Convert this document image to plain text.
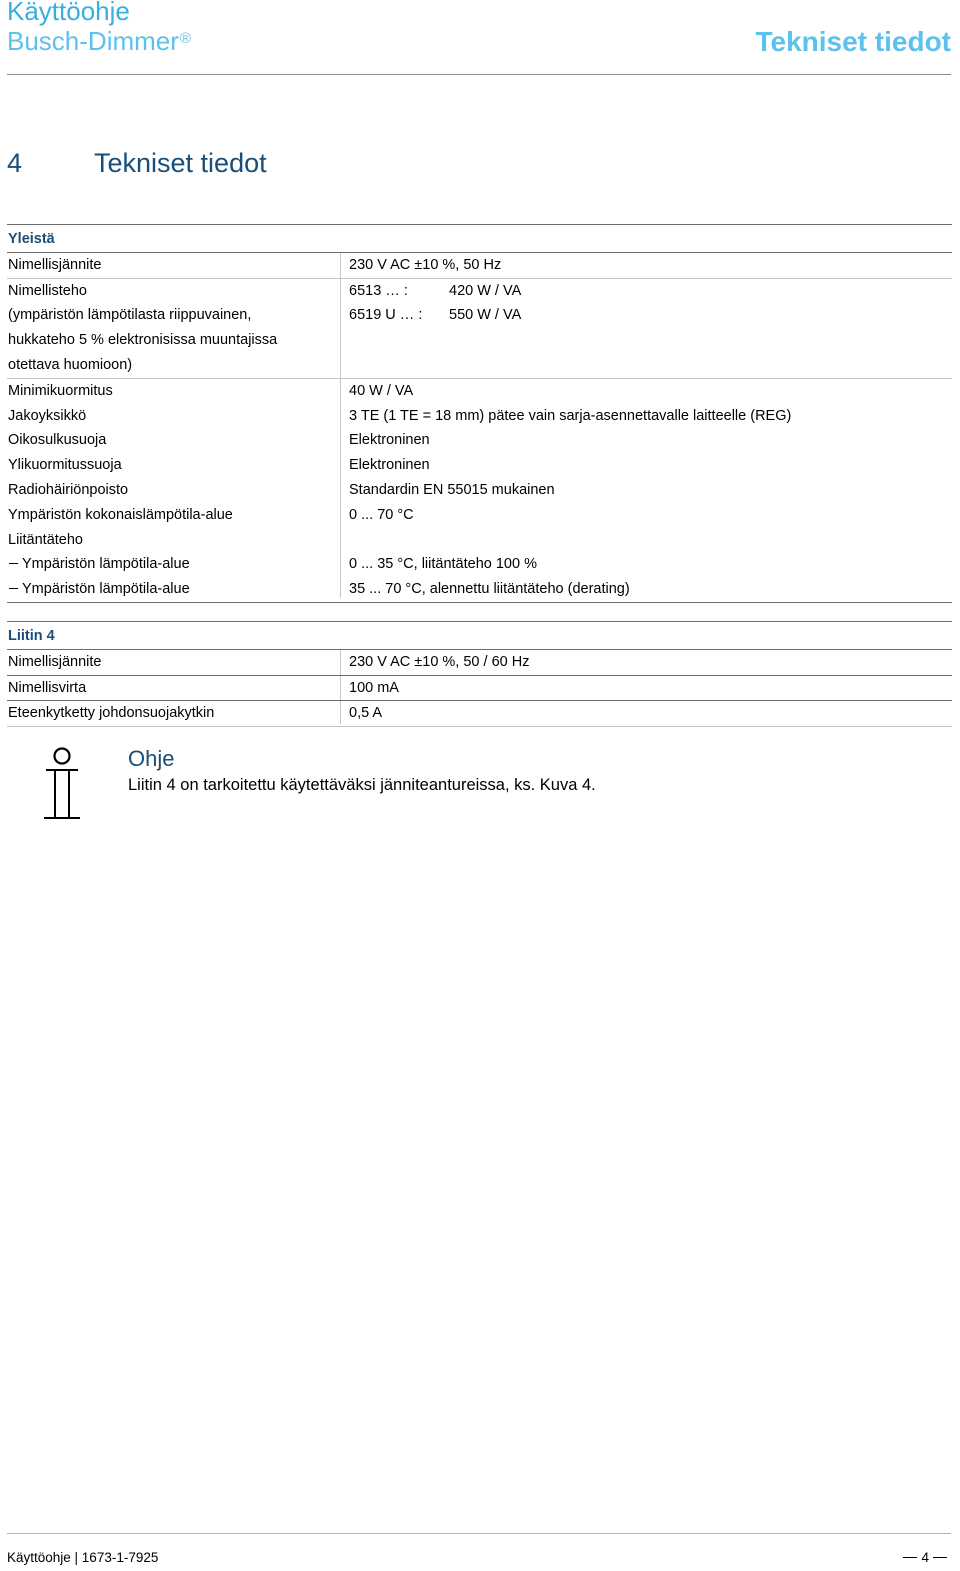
Käyttöohje
Busch-Dimmer®	Tekniset tiedot
4	Tekniset tiedot
Yleistä
Nimellisjännite	230 V AC ±10 %, 50 Hz
Nimellisteho	6513 … :	420 W / VA
(ympäristön lämpötilasta riippuvainen,	6519 U … : 550 W / VA
hukkateho 5 % elektronisissa muuntajissa
otettava huomioon)
Minimikuormitus	40 W / VA
Jakoyksikkö	3 TE (1 TE = 18 mm) pätee vain sarja-asennettavalle laitteelle (REG)
Oikosulkusuoja	Elektroninen
Ylikuormitussuoja	Elektroninen
Radiohäiriönpoisto	Standardin EN 55015 mukainen
Ympäristön kokonaislämpötila-alue	0 ... 70 °C
Liitäntäteho
Ympäristön lämpötila-alue	0 ... 35 °C, liitäntäteho 100 %
Ympäristön lämpötila-alue	35 ... 70 °C, alennettu liitäntäteho (derating)
Liitin 4
Nimellisjännite	230 V AC ±10 %, 50 / 60 Hz
Nimellisvirta	100 mA
Eteenkytketty johdonsuojakytkin	0,5 A
Ohje
Liitin 4 on tarkoitettu käytettäväksi jänniteantureissa, ks. Kuva 4.
Käyttöohje | 1673-1-7925	4
